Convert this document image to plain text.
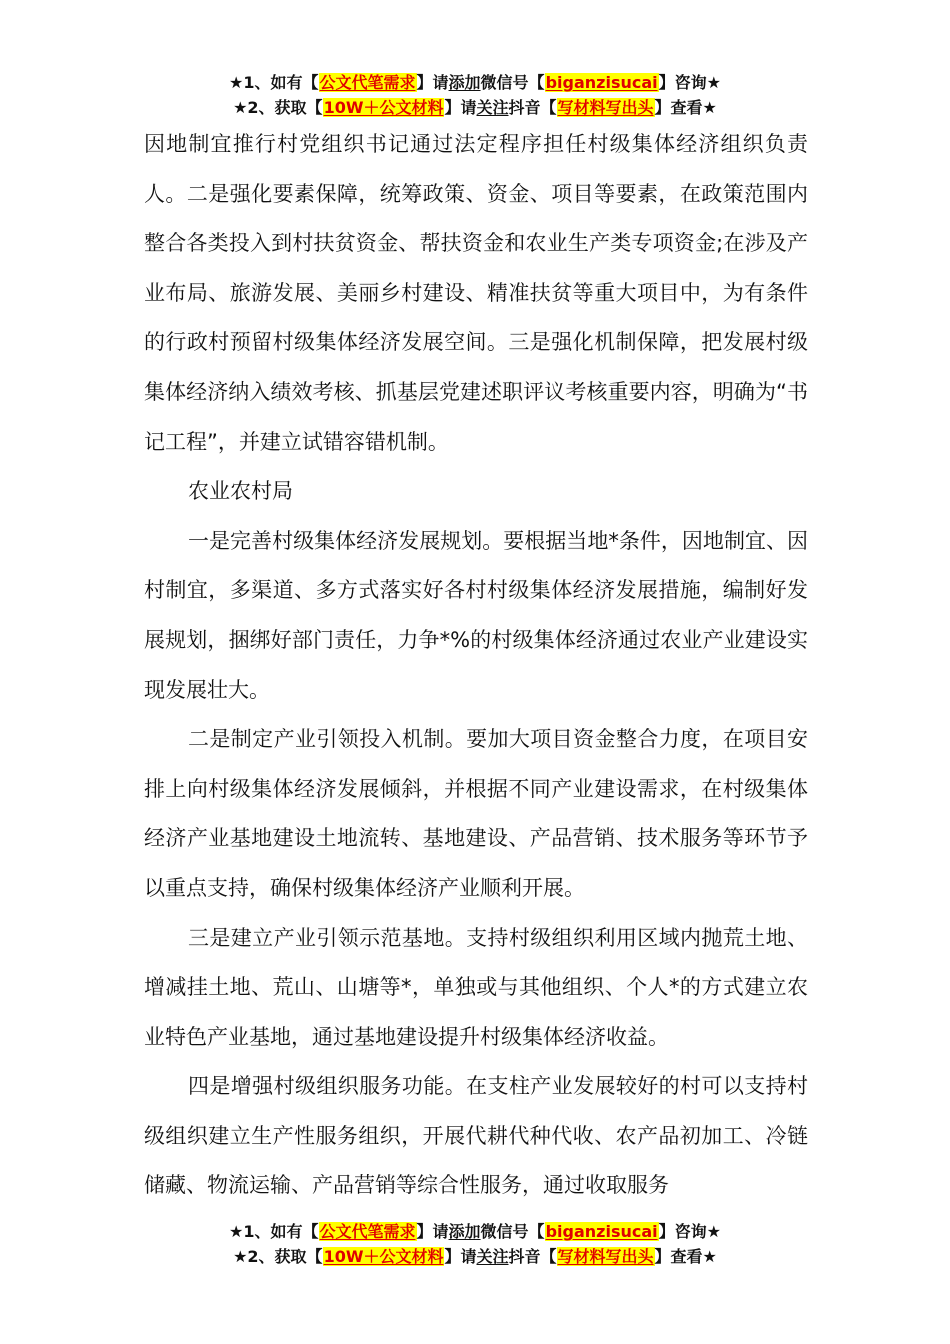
★1、如有【公文代笔需求】请添加微信号【biganzisucai】咨询★
★2、获取【10W＋公文材料】请关注抖音【写材料写出头】查看★

因地制宜推行村党组织书记通过法定程序担任村级集体经济组织负责人。二是强化要素保障，统筹政策、资金、项目等要素，在政策范围内整合各类投入到村扶贫资金、帮扶资金和农业生产类专项资金;在涉及产业布局、旅游发展、美丽乡村建设、精准扶贫等重大项目中，为有条件的行政村预留村级集体经济发展空间。三是强化机制保障，把发展村级集体经济纳入绩效考核、抓基层党建述职评议考核重要内容，明确为“书记工程”，并建立试错容错机制。

农业农村局

一是完善村级集体经济发展规划。要根据当地*条件，因地制宜、因村制宜，多渠道、多方式落实好各村村级集体经济发展措施，编制好发展规划，捆绑好部门责任，力争*%的村级集体经济通过农业产业建设实现发展壮大。

二是制定产业引领投入机制。要加大项目资金整合力度，在项目安排上向村级集体经济发展倾斜，并根据不同产业建设需求，在村级集体经济产业基地建设土地流转、基地建设、产品营销、技术服务等环节予以重点支持，确保村级集体经济产业顺利开展。

三是建立产业引领示范基地。支持村级组织利用区域内抛荒土地、增减挂土地、荒山、山塘等*，单独或与其他组织、个人*的方式建立农业特色产业基地，通过基地建设提升村级集体经济收益。

四是增强村级组织服务功能。在支柱产业发展较好的村可以支持村级组织建立生产性服务组织，开展代耕代种代收、农产品初加工、冷链储藏、物流运输、产品营销等综合性服务，通过收取服务

★1、如有【公文代笔需求】请添加微信号【biganzisucai】咨询★
★2、获取【10W＋公文材料】请关注抖音【写材料写出头】查看★
